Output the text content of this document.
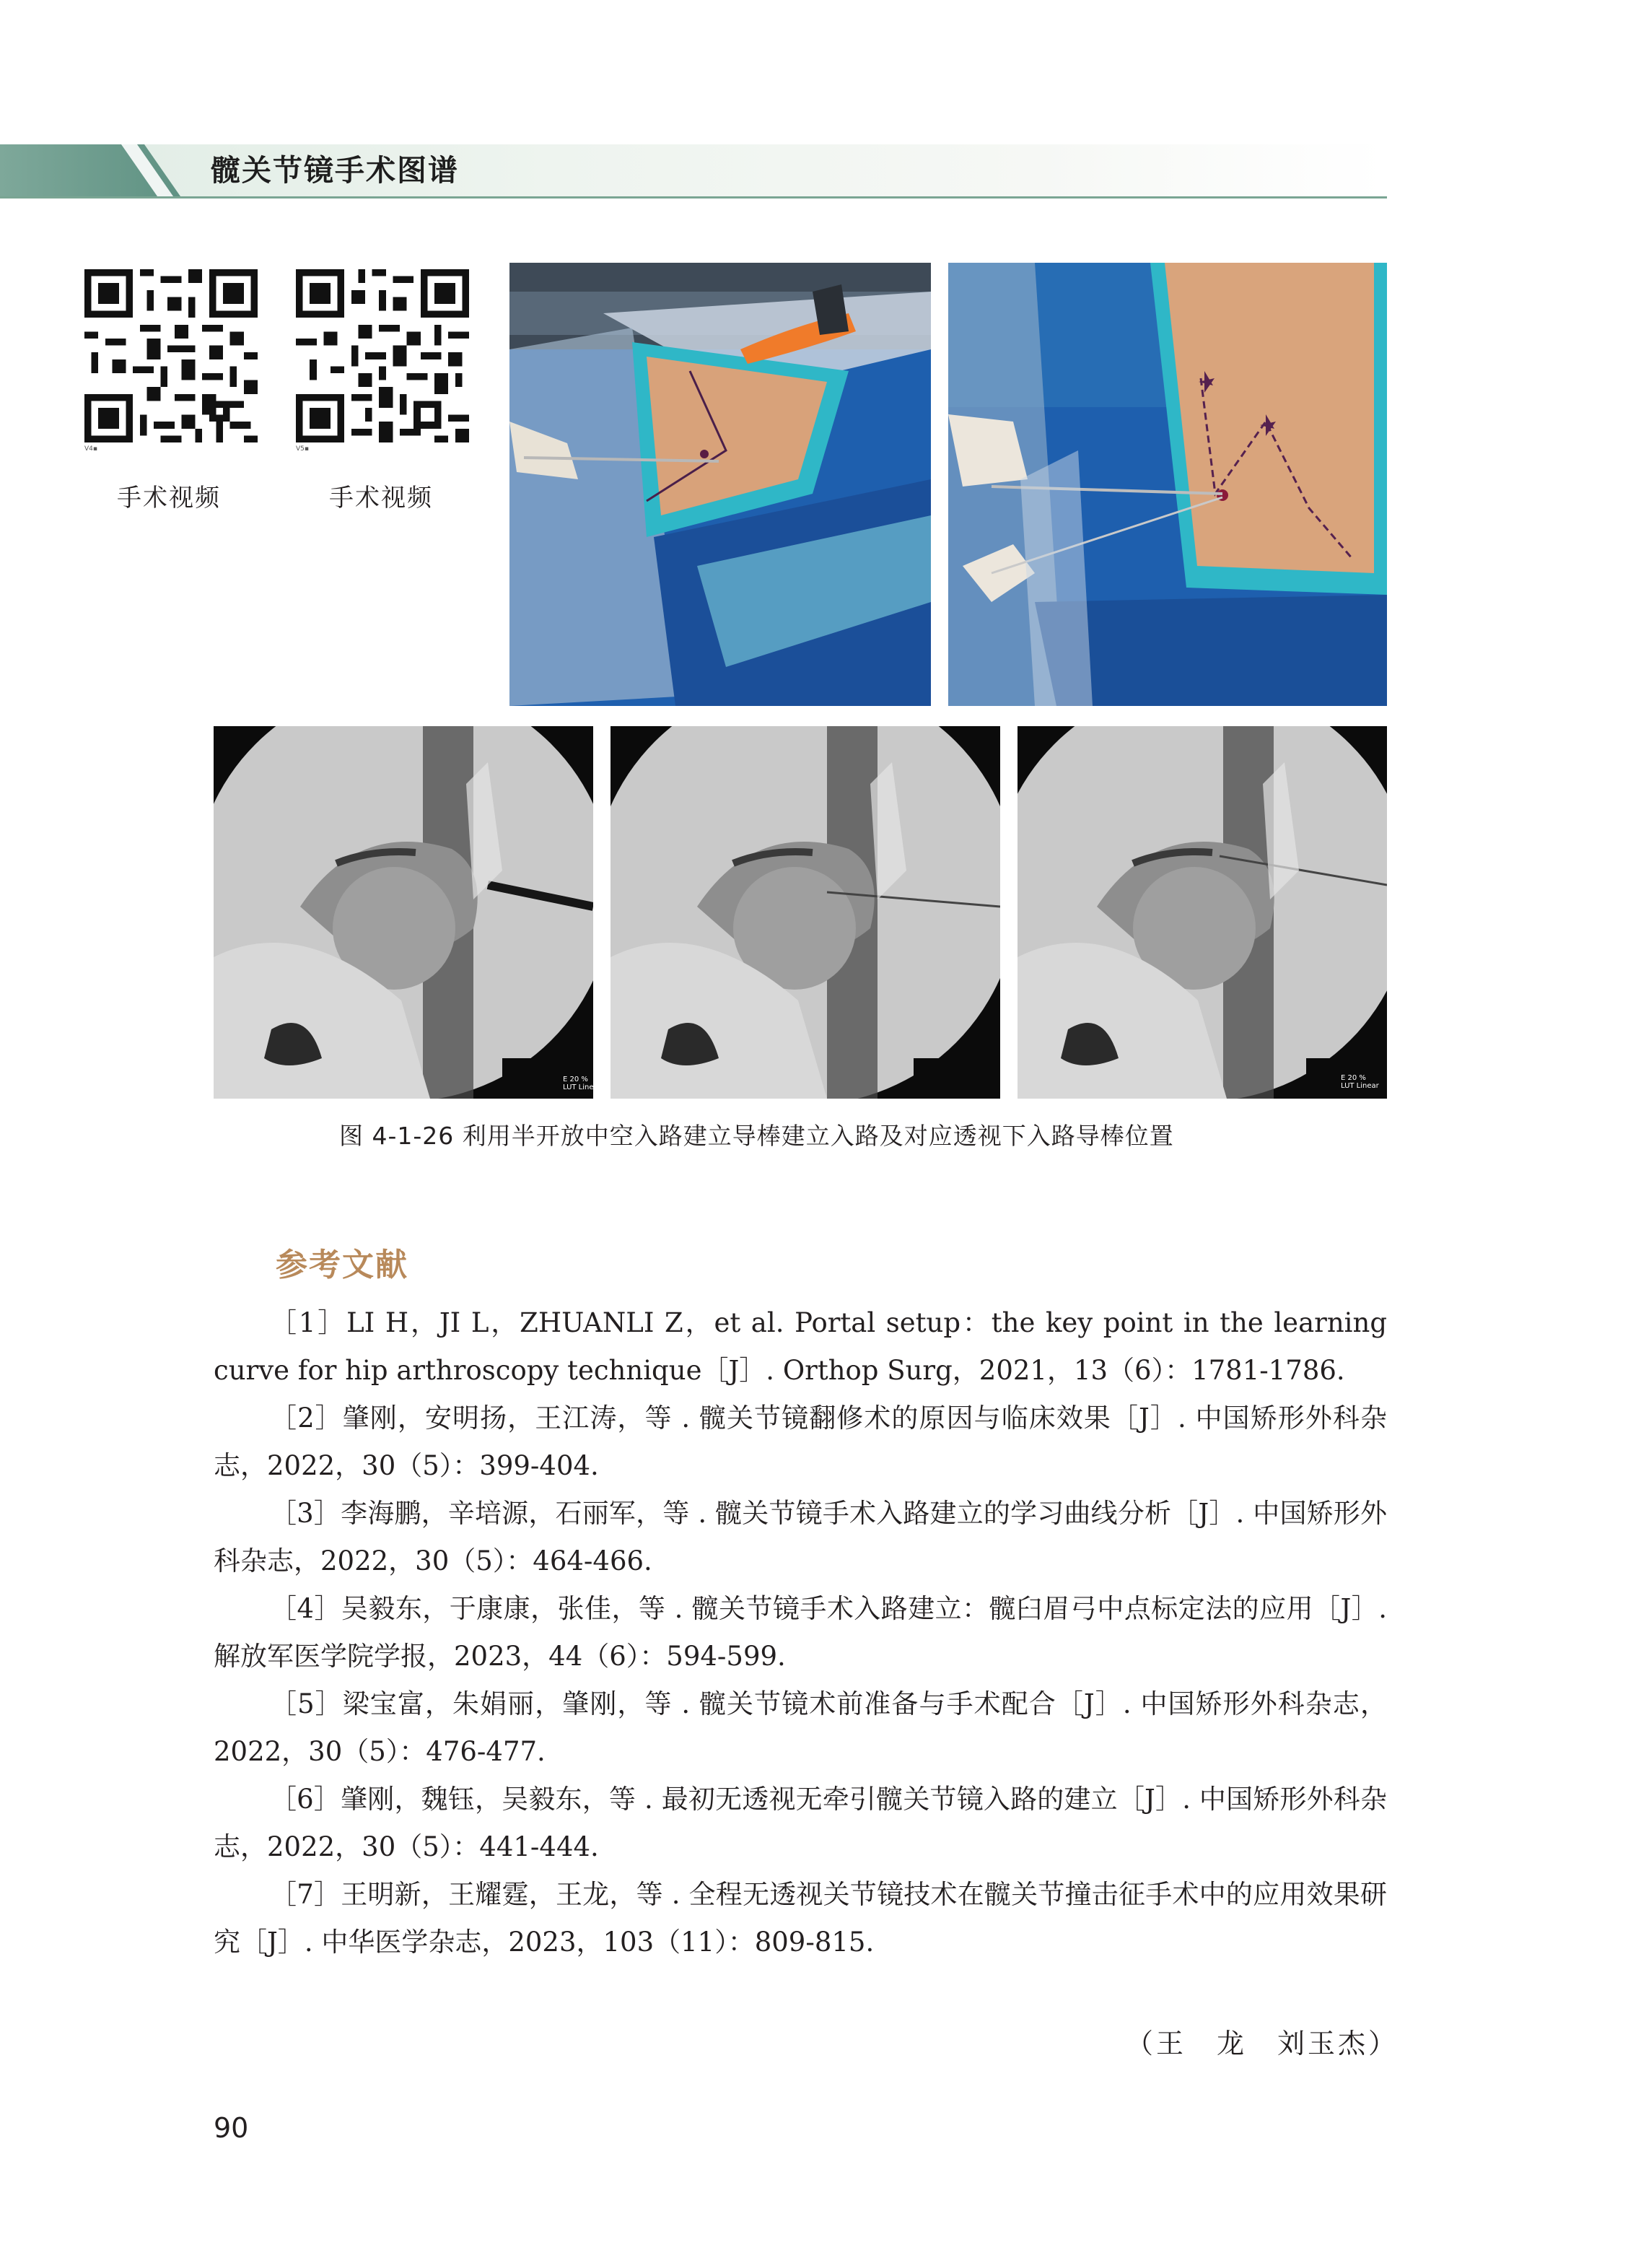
髋关节镜手术图谱
V4▪
手术视频
V5▪
手术视频
E 20 %
LUT Linear
E 20 %
LUT Linear
图 4-1-26 利用半开放中空入路建立导棒建立入路及对应透视下入路导棒位置
参考文献

［1］LI H，JI L，ZHUANLI Z，et al. Portal setup：the key point in the learning curve for hip arthroscopy technique［J］. Orthop Surg，2021，13（6）：1781-1786.

［2］肇刚，安明扬，王江涛，等 . 髋关节镜翻修术的原因与临床效果［J］. 中国矫形外科杂志，2022，30（5）：399-404.

［3］李海鹏，辛培源，石丽军，等 . 髋关节镜手术入路建立的学习曲线分析［J］. 中国矫形外科杂志，2022，30（5）：464-466.

［4］吴毅东，于康康，张佳，等 . 髋关节镜手术入路建立：髋臼眉弓中点标定法的应用［J］. 解放军医学院学报，2023，44（6）：594-599.

［5］梁宝富，朱娟丽，肇刚，等 . 髋关节镜术前准备与手术配合［J］. 中国矫形外科杂志，2022，30（5）：476-477.

［6］肇刚，魏钰，吴毅东，等 . 最初无透视无牵引髋关节镜入路的建立［J］. 中国矫形外科杂志，2022，30（5）：441-444.

［7］王明新，王耀霆，王龙，等 . 全程无透视关节镜技术在髋关节撞击征手术中的应用效果研究［J］. 中华医学杂志，2023，103（11）：809-815.

（王　龙　刘玉杰）
90
